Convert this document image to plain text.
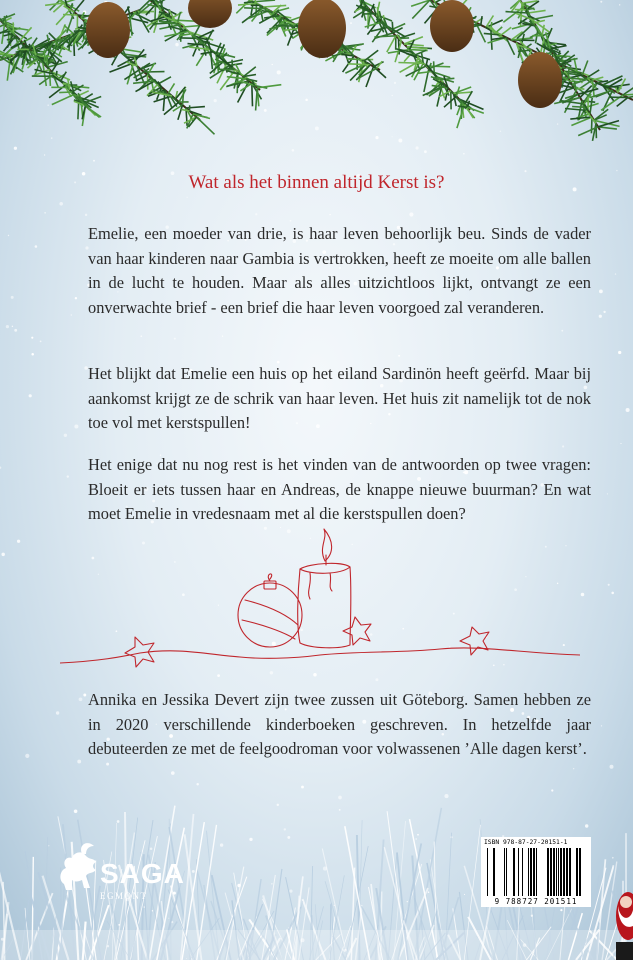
Wat als het binnen altijd Kerst is?

Emelie, een moeder van drie, is haar leven behoorlijk beu. Sinds de vader van haar kinderen naar Gambia is vertrokken, heeft ze moeite om alle ballen in de lucht te houden. Maar als alles uitzichtloos lijkt, ontvangt ze een onverwachte brief - een brief die haar leven voorgoed zal veranderen.

Het blijkt dat Emelie een huis op het eiland Sardinön heeft geërfd. Maar bij aankomst krijgt ze de schrik van haar leven. Het huis zit namelijk tot de nok toe vol met kerstspullen!

Het enige dat nu nog rest is het vinden van de antwoorden op twee vragen: Bloeit er iets tussen haar en Andreas, de knappe nieuwe buurman? En wat moet Emelie in vredesnaam met al die kerstspullen doen?

Annika en Jessika Devert zijn twee zussen uit Göteborg. Samen hebben ze in 2020 verschillende kinderboeken geschreven. In hetzelfde jaar debuteerden ze met de feelgoodroman voor volwassenen ’Alle dagen kerst’.

SAGA
EGMONT
ISBN 978-87-27-20151-1
9 788727 201511
